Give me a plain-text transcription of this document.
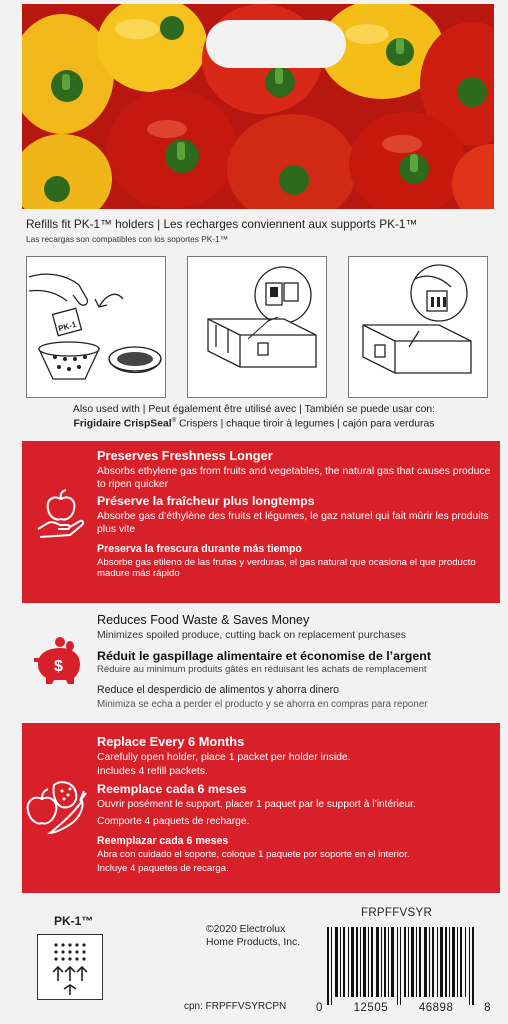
Refills fit PK-1™ holders | Les recharges conviennent aux supports PK-1™
Las recargas son compatibles con los soportes PK-1™
PK-1
Also used with | Peut également être utilisé avec | También se puede usar con:
Frigidaire CrispSeal® Crispers | chaque tiroir à legumes | cajón para verduras
Preserves Freshness Longer
Absorbs ethylene gas from fruits and vegetables, the natural gas that causes produce to ripen quicker
Préserve la fraîcheur plus longtemps
Absorbe gas d’éthylène des fruits et légumes, le gaz naturel qui fait mûrir les produits plus vite
Preserva la frescura durante más tiempo
Absorbe gas etileno de las frutas y verduras, el gas natural que ocasiona el que producto madure más rápido
$
Reduces Food Waste & Saves Money
Minimizes spoiled produce, cutting back on replacement purchases
Réduit le gaspillage alimentaire et économise de l’argent
Réduire au minimum produits gâtés en réduisant les achats de remplacement
Reduce el desperdicio de alimentos y ahorra dinero
Minimiza se echa a perder el producto y se ahorra en compras para reponer
Replace Every 6 Months
Carefully open holder, place 1 packet per holder inside.
Includes 4 refill packets.
Reemplace cada 6 meses
Ouvrir posément le support, placer 1 paquet par le support à l’intérieur.
Comporte 4 paquets de recharge.
Reemplazar cada 6 meses
Abra con cuidado el soporte, coloque 1 paquete por soporte en el interior.
Incluye 4 paquetes de recarga.
PK-1™
©2020 Electrolux
Home Products, Inc.
FRPFFVSYR
cpn: FRPFFVSYRCPN	0	12505	46898	8
